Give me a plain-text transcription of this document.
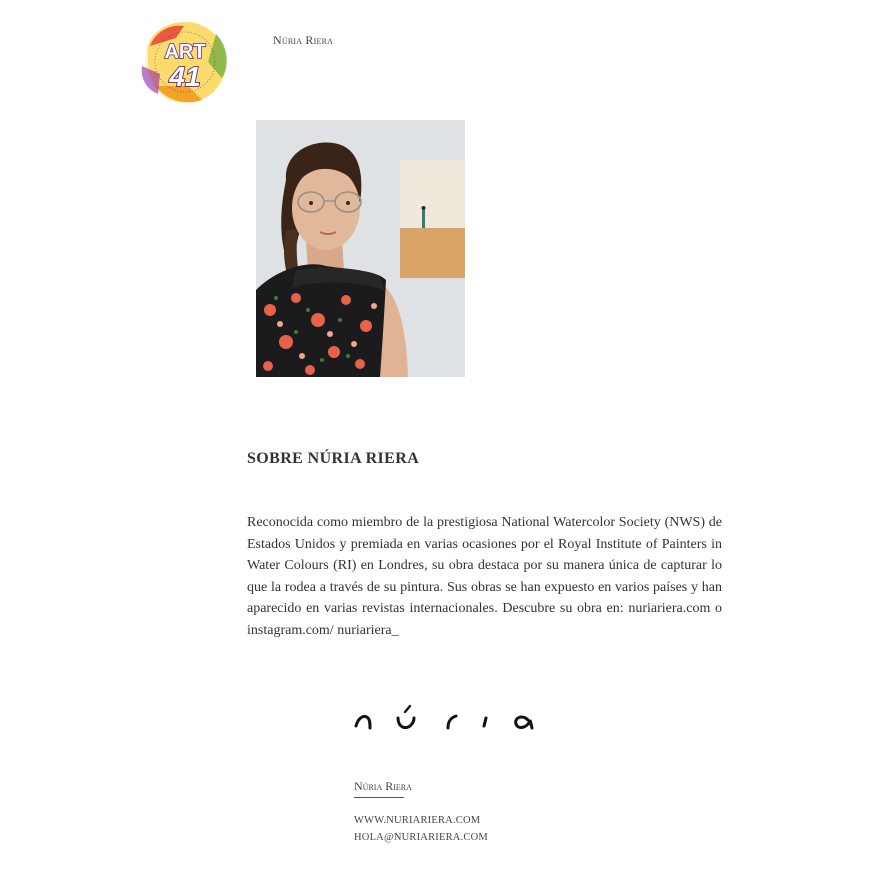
ART
41
Núria Riera
SOBRE NÚRIA RIERA

Reconocida como miembro de la prestigiosa National Watercolor Society (NWS) de Estados Unidos y premiada en varias ocasiones por el Royal Institute of Painters in Water Colours (RI) en Londres, su obra destaca por su manera única de capturar lo que la rodea a través de su pintura. Sus obras se han expuesto en varios países y han aparecido en varias revistas internacionales. Descubre su obra en: nuriariera.com o instagram.com/ nuriariera_

Núria Riera
WWW.NURIARIERA.COM
HOLA@NURIARIERA.COM
